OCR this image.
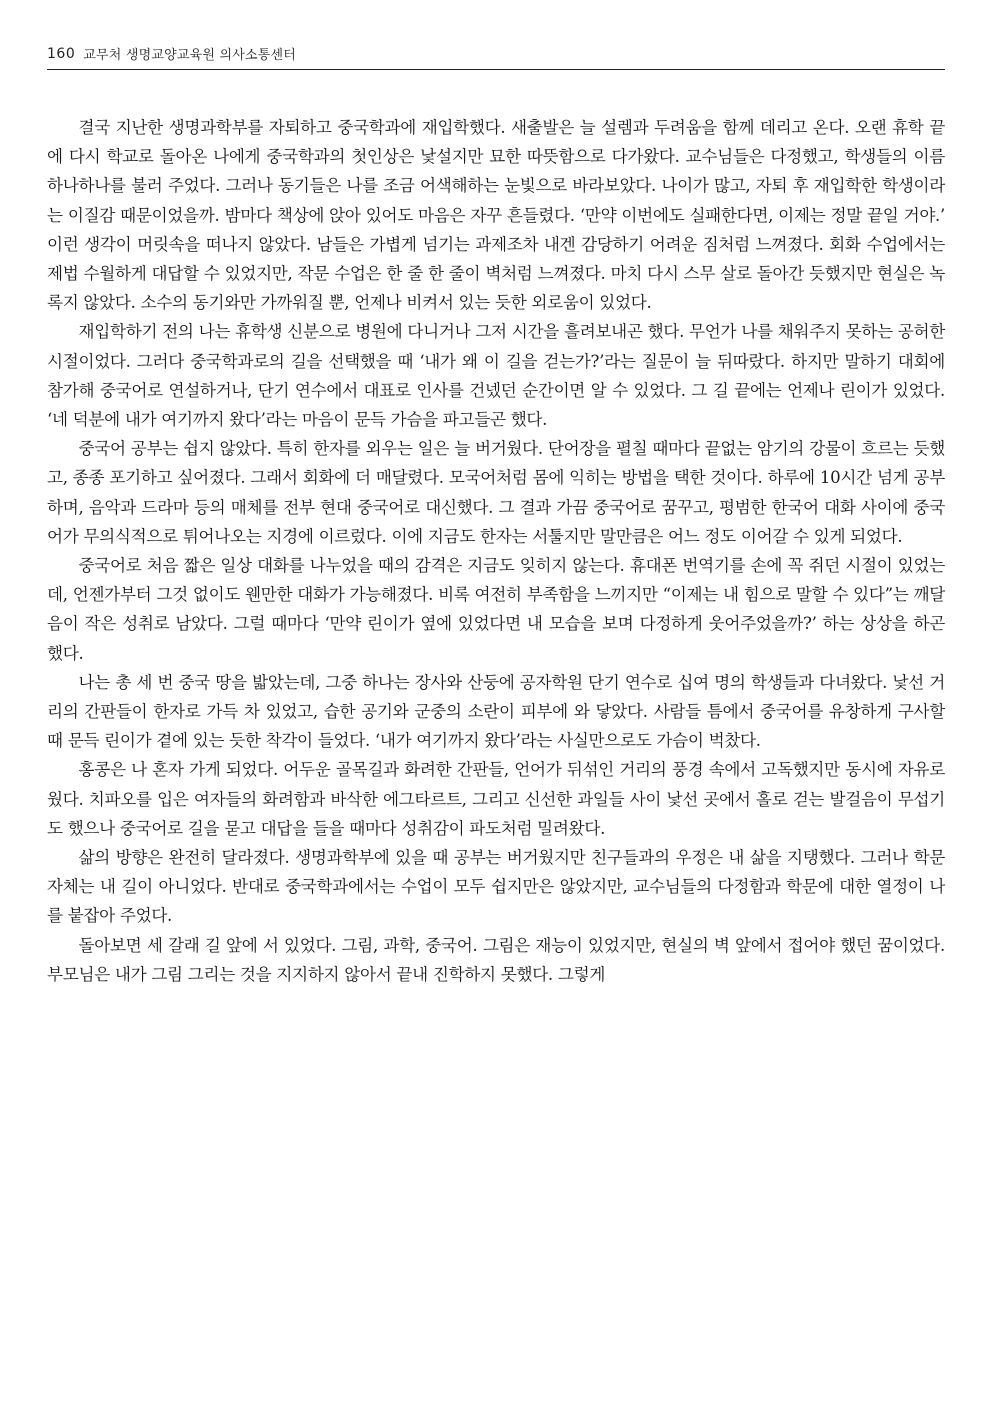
160 교무처 생명교양교육원 의사소통센터

결국 지난한 생명과학부를 자퇴하고 중국학과에 재입학했다. 새출발은 늘 설렘과 두려움을 함께 데리고 온다. 오랜 휴학 끝에 다시 학교로 돌아온 나에게 중국학과의 첫인상은 낯설지만 묘한 따뜻함으로 다가왔다. 교수님들은 다정했고, 학생들의 이름 하나하나를 불러 주었다. 그러나 동기들은 나를 조금 어색해하는 눈빛으로 바라보았다. 나이가 많고, 자퇴 후 재입학한 학생이라는 이질감 때문이었을까. 밤마다 책상에 앉아 있어도 마음은 자꾸 흔들렸다. ‘만약 이번에도 실패한다면, 이제는 정말 끝일 거야.’ 이런 생각이 머릿속을 떠나지 않았다. 남들은 가볍게 넘기는 과제조차 내겐 감당하기 어려운 짐처럼 느껴졌다. 회화 수업에서는 제법 수월하게 대답할 수 있었지만, 작문 수업은 한 줄 한 줄이 벽처럼 느껴졌다. 마치 다시 스무 살로 돌아간 듯했지만 현실은 녹록지 않았다. 소수의 동기와만 가까워질 뿐, 언제나 비켜서 있는 듯한 외로움이 있었다.

재입학하기 전의 나는 휴학생 신분으로 병원에 다니거나 그저 시간을 흘려보내곤 했다. 무언가 나를 채워주지 못하는 공허한 시절이었다. 그러다 중국학과로의 길을 선택했을 때 ‘내가 왜 이 길을 걷는가?’라는 질문이 늘 뒤따랐다. 하지만 말하기 대회에 참가해 중국어로 연설하거나, 단기 연수에서 대표로 인사를 건넸던 순간이면 알 수 있었다. 그 길 끝에는 언제나 린이가 있었다. ‘네 덕분에 내가 여기까지 왔다’라는 마음이 문득 가슴을 파고들곤 했다.

중국어 공부는 쉽지 않았다. 특히 한자를 외우는 일은 늘 버거웠다. 단어장을 펼칠 때마다 끝없는 암기의 강물이 흐르는 듯했고, 종종 포기하고 싶어졌다. 그래서 회화에 더 매달렸다. 모국어처럼 몸에 익히는 방법을 택한 것이다. 하루에 10시간 넘게 공부하며, 음악과 드라마 등의 매체를 전부 현대 중국어로 대신했다. 그 결과 가끔 중국어로 꿈꾸고, 평범한 한국어 대화 사이에 중국어가 무의식적으로 튀어나오는 지경에 이르렀다. 이에 지금도 한자는 서툴지만 말만큼은 어느 정도 이어갈 수 있게 되었다.

중국어로 처음 짧은 일상 대화를 나누었을 때의 감격은 지금도 잊히지 않는다. 휴대폰 번역기를 손에 꼭 쥐던 시절이 있었는데, 언젠가부터 그것 없이도 웬만한 대화가 가능해졌다. 비록 여전히 부족함을 느끼지만 “이제는 내 힘으로 말할 수 있다”는 깨달음이 작은 성취로 남았다. 그럴 때마다 ‘만약 린이가 옆에 있었다면 내 모습을 보며 다정하게 웃어주었을까?’ 하는 상상을 하곤 했다.

나는 총 세 번 중국 땅을 밟았는데, 그중 하나는 장사와 산둥에 공자학원 단기 연수로 십여 명의 학생들과 다녀왔다. 낯선 거리의 간판들이 한자로 가득 차 있었고, 습한 공기와 군중의 소란이 피부에 와 닿았다. 사람들 틈에서 중국어를 유창하게 구사할 때 문득 린이가 곁에 있는 듯한 착각이 들었다. ‘내가 여기까지 왔다’라는 사실만으로도 가슴이 벅찼다.

홍콩은 나 혼자 가게 되었다. 어두운 골목길과 화려한 간판들, 언어가 뒤섞인 거리의 풍경 속에서 고독했지만 동시에 자유로웠다. 치파오를 입은 여자들의 화려함과 바삭한 에그타르트, 그리고 신선한 과일들 사이 낯선 곳에서 홀로 걷는 발걸음이 무섭기도 했으나 중국어로 길을 묻고 대답을 들을 때마다 성취감이 파도처럼 밀려왔다.

삶의 방향은 완전히 달라졌다. 생명과학부에 있을 때 공부는 버거웠지만 친구들과의 우정은 내 삶을 지탱했다. 그러나 학문 자체는 내 길이 아니었다. 반대로 중국학과에서는 수업이 모두 쉽지만은 않았지만, 교수님들의 다정함과 학문에 대한 열정이 나를 붙잡아 주었다.

돌아보면 세 갈래 길 앞에 서 있었다. 그림, 과학, 중국어. 그림은 재능이 있었지만, 현실의 벽 앞에서 접어야 했던 꿈이었다. 부모님은 내가 그림 그리는 것을 지지하지 않아서 끝내 진학하지 못했다. 그렇게
